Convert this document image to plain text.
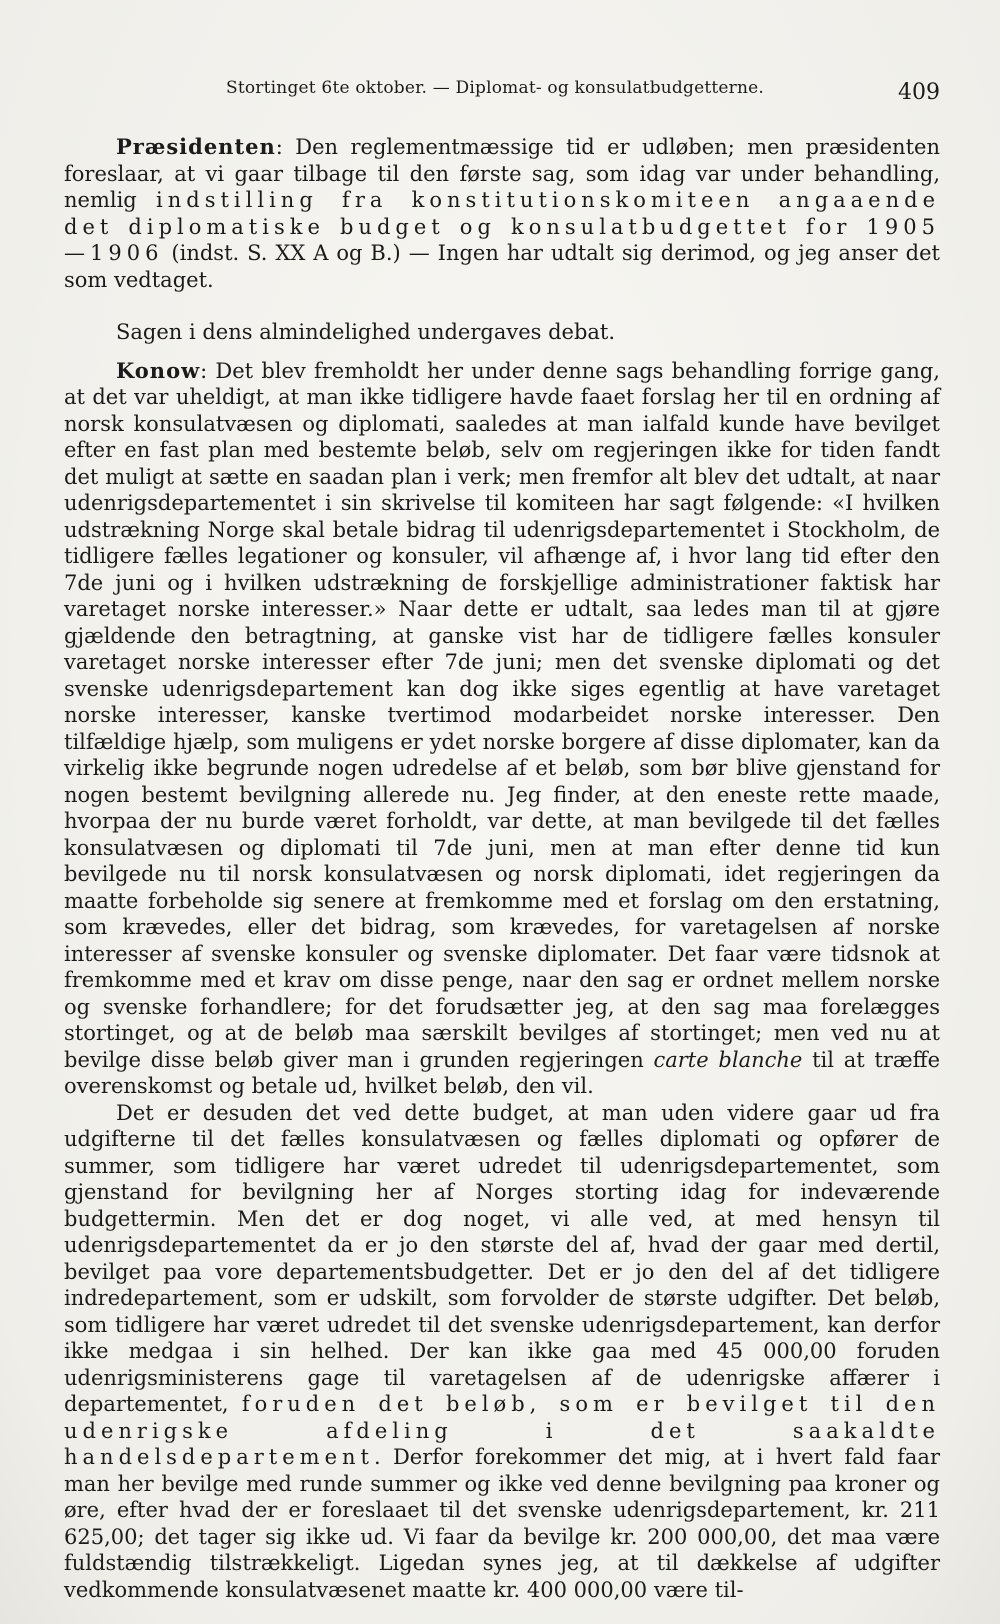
Stortinget 6te oktober. — Diplomat- og konsulatbudgetterne.	409

Præsidenten: Den reglementmæssige tid er udløben; men præsidenten foreslaar, at vi gaar tilbage til den første sag, som idag var under behandling, nemlig indstilling fra konstitutionskomiteen angaaende det diplomatiske budget og konsulatbudgettet for 1905—1906 (indst. S. XX A og B.) — Ingen har udtalt sig derimod, og jeg anser det som vedtaget.

Sagen i dens almindelighed undergaves debat.

Konow: Det blev fremholdt her under denne sags behandling forrige gang, at det var uheldigt, at man ikke tidligere havde faaet forslag her til en ordning af norsk konsulatvæsen og diplomati, saaledes at man ialfald kunde have bevilget efter en fast plan med bestemte beløb, selv om regjeringen ikke for tiden fandt det muligt at sætte en saadan plan i verk; men fremfor alt blev det udtalt, at naar udenrigsdepartementet i sin skrivelse til komiteen har sagt følgende: «I hvilken udstrækning Norge skal betale bidrag til udenrigsdepartementet i Stockholm, de tidligere fælles legationer og konsuler, vil afhænge af, i hvor lang tid efter den 7de juni og i hvilken udstrækning de forskjellige administrationer faktisk har varetaget norske interesser.» Naar dette er udtalt, saa ledes man til at gjøre gjældende den betragtning, at ganske vist har de tidligere fælles konsuler varetaget norske interesser efter 7de juni; men det svenske diplomati og det svenske udenrigsdepartement kan dog ikke siges egentlig at have varetaget norske interesser, kanske tvertimod modarbeidet norske interesser. Den tilfældige hjælp, som muligens er ydet norske borgere af disse diplomater, kan da virkelig ikke begrunde nogen udredelse af et beløb, som bør blive gjenstand for nogen bestemt bevilgning allerede nu. Jeg finder, at den eneste rette maade, hvorpaa der nu burde været forholdt, var dette, at man bevilgede til det fælles konsulatvæsen og diplomati til 7de juni, men at man efter denne tid kun bevilgede nu til norsk konsulatvæsen og norsk diplomati, idet regjeringen da maatte forbeholde sig senere at fremkomme med et forslag om den erstatning, som krævedes, eller det bidrag, som krævedes, for varetagelsen af norske interesser af svenske konsuler og svenske diplomater. Det faar være tidsnok at fremkomme med et krav om disse penge, naar den sag er ordnet mellem norske og svenske forhandlere; for det forudsætter jeg, at den sag maa forelægges stortinget, og at de beløb maa særskilt bevilges af stortinget; men ved nu at bevilge disse beløb giver man i grunden regjeringen carte blanche til at træffe overenskomst og betale ud, hvilket beløb, den vil.

Det er desuden det ved dette budget, at man uden videre gaar ud fra udgifterne til det fælles konsulatvæsen og fælles diplomati og opfører de summer, som tidligere har været udredet til udenrigsdepartementet, som gjenstand for bevilgning her af Norges storting idag for indeværende budgettermin. Men det er dog noget, vi alle ved, at med hensyn til udenrigsdepartementet da er jo den største del af, hvad der gaar med dertil, bevilget paa vore departementsbudgetter. Det er jo den del af det tidligere indredepartement, som er udskilt, som forvolder de største udgifter. Det beløb, som tidligere har været udredet til det svenske udenrigsdepartement, kan derfor ikke medgaa i sin helhed. Der kan ikke gaa med 45 000,00 foruden udenrigsministerens gage til varetagelsen af de udenrigske affærer i departementet, foruden det beløb, som er bevilget til den udenrigske afdeling i det saakaldte handelsdepartement. Derfor forekommer det mig, at i hvert fald faar man her bevilge med runde summer og ikke ved denne bevilgning paa kroner og øre, efter hvad der er foreslaaet til det svenske udenrigsdepartement, kr. 211 625,00; det tager sig ikke ud. Vi faar da bevilge kr. 200 000,00, det maa være fuldstændig tilstrækkeligt. Ligedan synes jeg, at til dækkelse af udgifter vedkommende konsulatvæsenet maatte kr. 400 000,00 være til-
